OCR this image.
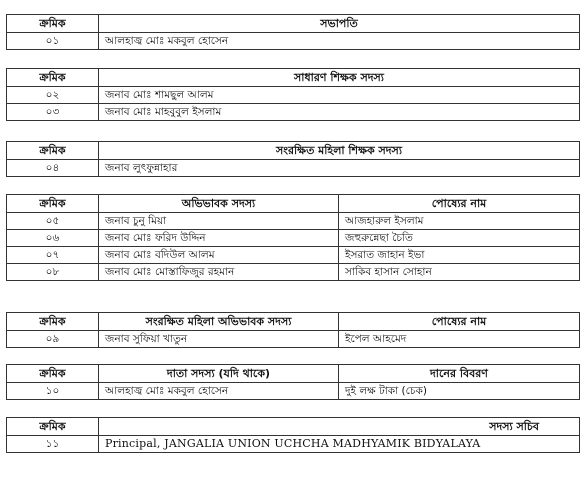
ক্রমিক	সভাপতি
০১	আলহাজ্ব মোঃ মকবুল হোসেন
ক্রমিক	সাধারণ শিক্ষক সদস্য
০২	জনাব মোঃ শামছুল আলম
০৩	জনাব মোঃ মাহবুবুল ইসলাম
ক্রমিক	সংরক্ষিত মহিলা শিক্ষক সদস্য
০৪	জনাব লুৎফুন্নাহার
ক্রমিক	অভিভাবক সদস্য	পোষ্যের নাম
০৫	জনাব চুনু মিয়া	আজহারুল ইসলাম
০৬	জনাব মোঃ ফরিদ উদ্দিন	জহুরুন্নেছা চৈতি
০৭	জনাব মোঃ বদিউল আলম	ইসরাত জাহান ইভা
০৮	জনাব মোঃ মোস্তাফিজুর রহমান	সাকিব হাসান সোহান
ক্রমিক	সংরক্ষিত মহিলা অভিভাবক সদস্য	পোষ্যের নাম
০৯	জনাব সুফিয়া খাতুন	ইপেল আহমেদ
ক্রমিক	দাতা সদস্য (যদি থাকে)	দানের বিবরণ
১০	আলহাজ্ব মোঃ মকবুল হোসেন	দুই লক্ষ টাকা (চেক)
ক্রমিক	সদস্য সচিব
১১	Principal, JANGALIA UNION UCHCHA MADHYAMIK BIDYALAYA
